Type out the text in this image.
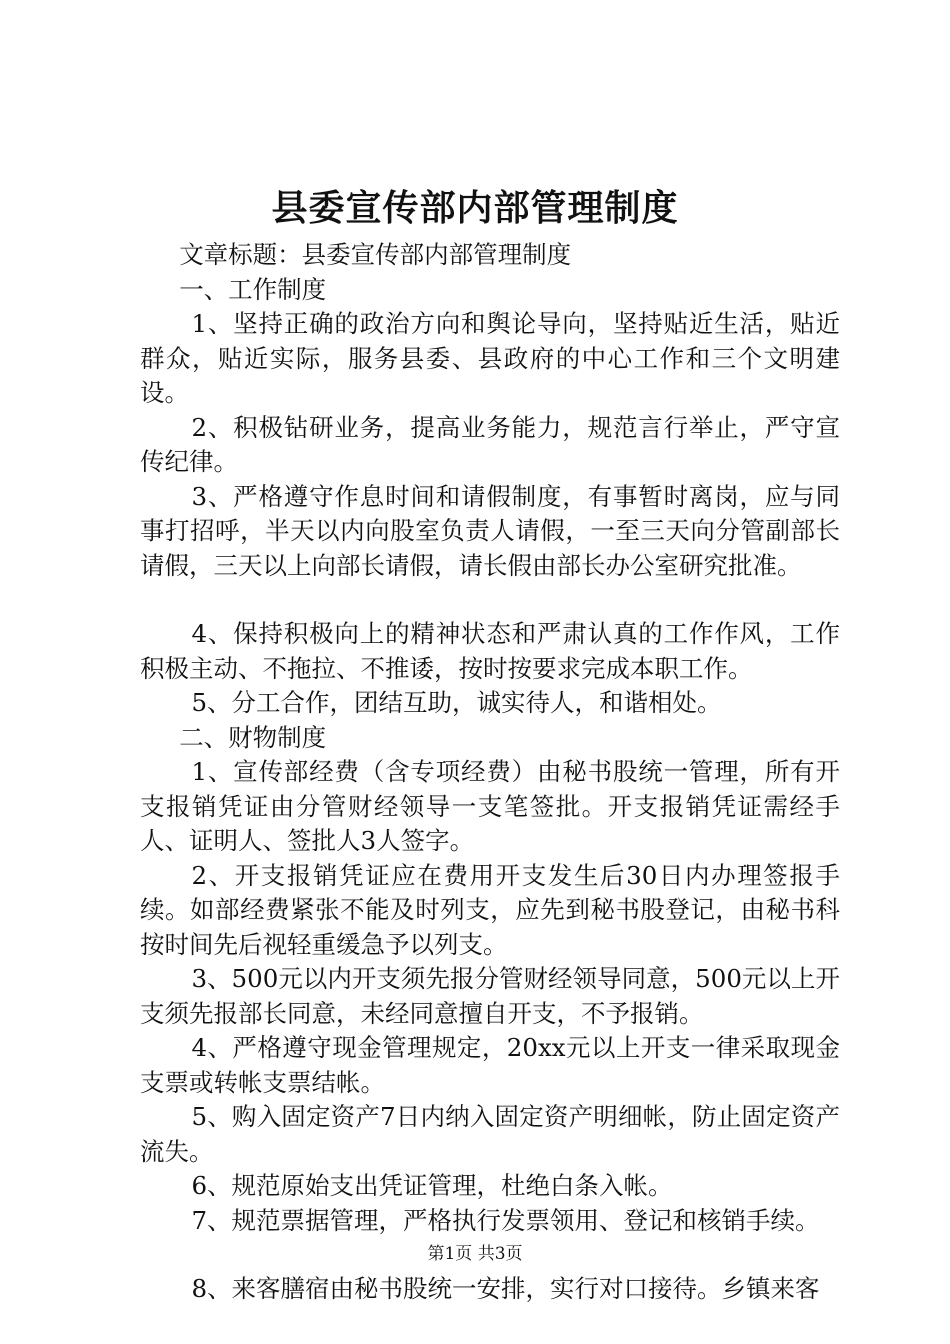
县委宣传部内部管理制度

文章标题：县委宣传部内部管理制度

一、工作制度

1、坚持正确的政治方向和舆论导向，坚持贴近生活，贴近群众，贴近实际，服务县委、县政府的中心工作和三个文明建设。

2、积极钻研业务，提高业务能力，规范言行举止，严守宣传纪律。

3、严格遵守作息时间和请假制度，有事暂时离岗，应与同事打招呼，半天以内向股室负责人请假，一至三天向分管副部长请假，三天以上向部长请假，请长假由部长办公室研究批准。

4、保持积极向上的精神状态和严肃认真的工作作风，工作积极主动、不拖拉、不推诿，按时按要求完成本职工作。

5、分工合作，团结互助，诚实待人，和谐相处。

二、财物制度

1、宣传部经费（含专项经费）由秘书股统一管理，所有开支报销凭证由分管财经领导一支笔签批。开支报销凭证需经手人、证明人、签批人3人签字。

2、开支报销凭证应在费用开支发生后30日内办理签报手续。如部经费紧张不能及时列支，应先到秘书股登记，由秘书科按时间先后视轻重缓急予以列支。

3、500元以内开支须先报分管财经领导同意，500元以上开支须先报部长同意，未经同意擅自开支，不予报销。

4、严格遵守现金管理规定，20xx元以上开支一律采取现金支票或转帐支票结帐。

5、购入固定资产7日内纳入固定资产明细帐，防止固定资产流失。

6、规范原始支出凭证管理，杜绝白条入帐。

7、规范票据管理，严格执行发票领用、登记和核销手续。

8、来客膳宿由秘书股统一安排，实行对口接待。乡镇来客

第1页 共3页
